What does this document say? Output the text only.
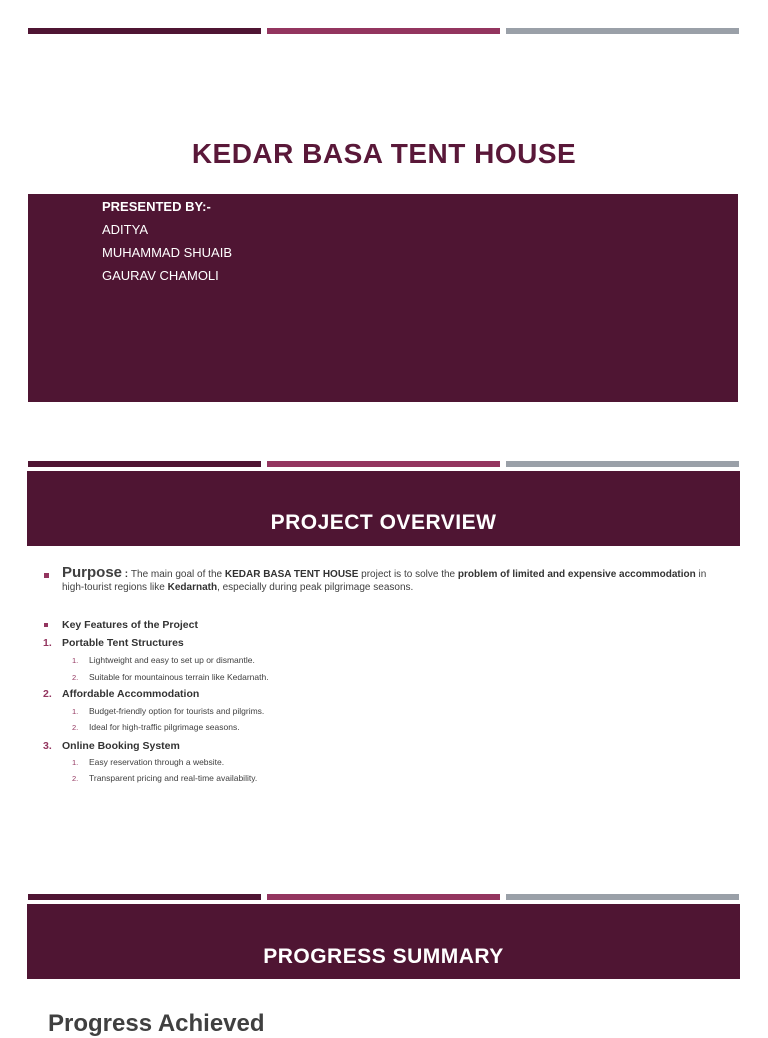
KEDAR BASA TENT HOUSE
PRESENTED BY:-
ADITYA
MUHAMMAD SHUAIB
GAURAV CHAMOLI
PROJECT OVERVIEW
Purpose : The main goal of the KEDAR BASA TENT HOUSE project is to solve the problem of limited and expensive accommodation in high-tourist regions like Kedarnath, especially during peak pilgrimage seasons.
Key Features of the Project
1. Portable Tent Structures
1. Lightweight and easy to set up or dismantle.
2. Suitable for mountainous terrain like Kedarnath.
2. Affordable Accommodation
1. Budget-friendly option for tourists and pilgrims.
2. Ideal for high-traffic pilgrimage seasons.
3. Online Booking System
1. Easy reservation through a website.
2. Transparent pricing and real-time availability.
PROGRESS SUMMARY
Progress Achieved
